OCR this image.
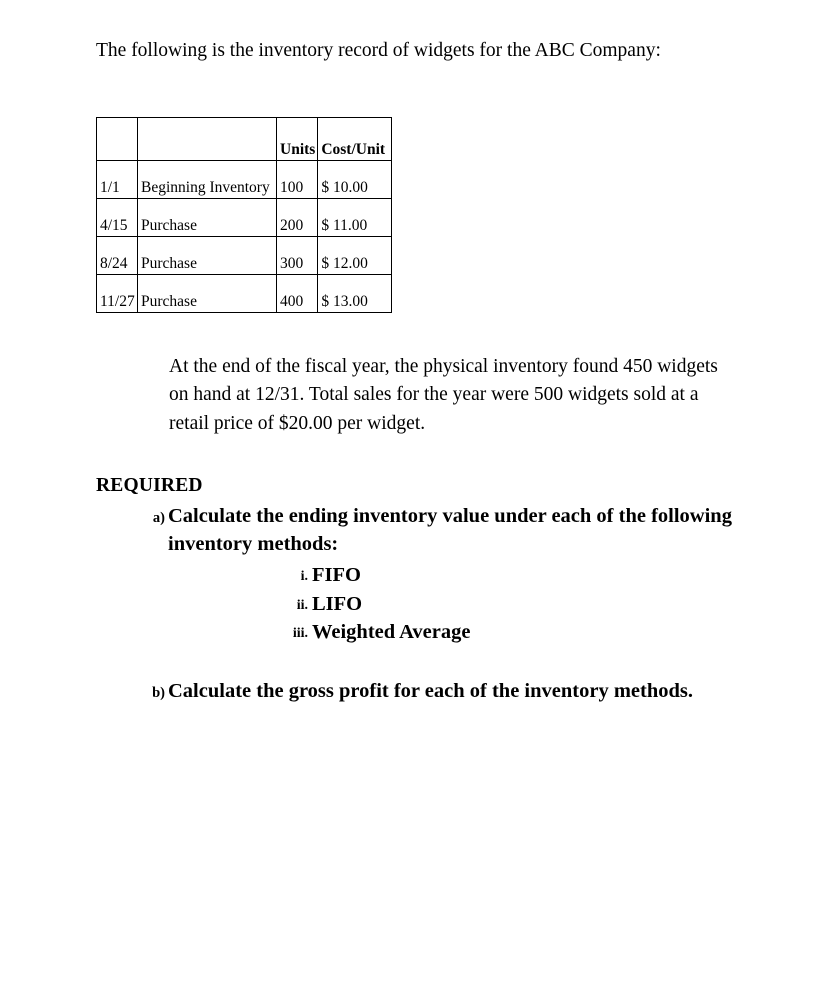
The following is the inventory record of widgets for the ABC Company:

		Units	Cost/Unit
1/1	Beginning Inventory	100	$ 10.00
4/15	Purchase	200	$ 11.00
8/24	Purchase	300	$ 12.00
11/27	Purchase	400	$ 13.00

At the end of the fiscal year, the physical inventory found 450 widgets on hand at 12/31. Total sales for the year were 500 widgets sold at a retail price of $20.00 per widget.

REQUIRED
a) Calculate the ending inventory value under each of the following inventory methods:
i. FIFO
ii. LIFO
iii. Weighted Average
b) Calculate the gross profit for each of the inventory methods.
